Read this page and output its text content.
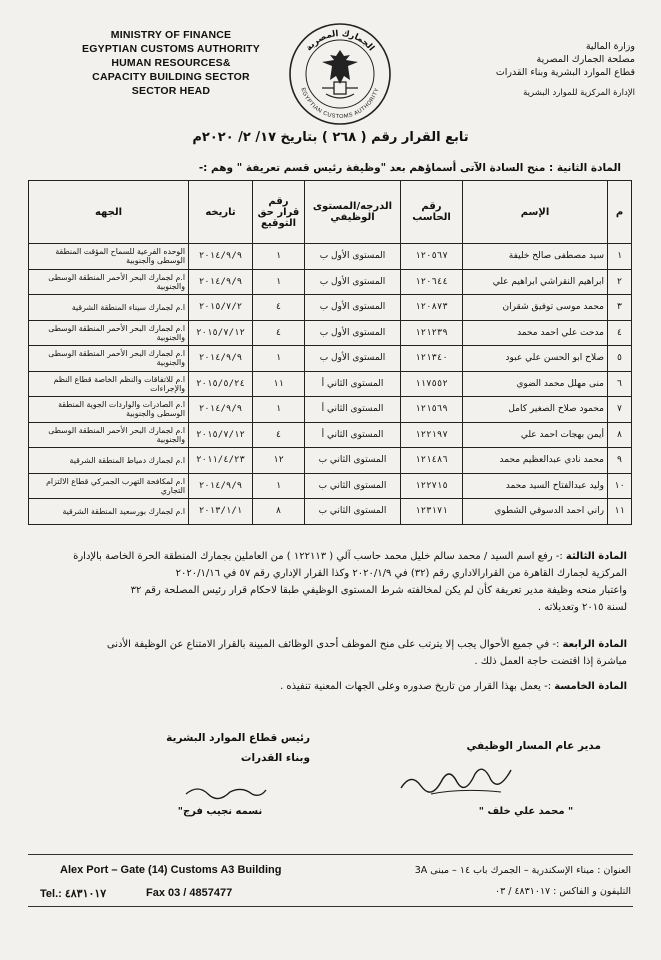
MINISTRY OF FINANCE
EGYPTIAN CUSTOMS AUTHORITY
HUMAN RESOURCES&
CAPACITY BUILDING SECTOR
SECTOR HEAD
الجمارك المصرية
EGYPTIAN CUSTOMS AUTHORITY
وزارة المالية
مصلحة الجمارك المصرية
قطاع الموارد البشرية وبناء القدرات
الإدارة المركزية للموارد البشرية
تابع القرار رقم ( ٢٦٨ ) بتاريخ ١٧/ ٢/ ٢٠٢٠م
المادة الثانية : منح السادة الآتى أسماؤهم بعد "وظيفة رئيس قسم تعريفة " وهم :-
م	الإسم	رقم الحاسب	الدرجه/المستوى الوظيفي	رقم قرار حق التوقيع	تاريخه	الجهه
١	سيد مصطفى صالح خليفة	١٢٠٥٦٧	المستوى الأول ب	١	٢٠١٤/٩/٩	الوحده الفرعية للسماح المؤقت المنطقة الوسطى والجنوبية
٢	ابراهيم النقراشي ابراهيم علي	١٢٠٦٤٤	المستوى الأول ب	١	٢٠١٤/٩/٩	ا.م لجمارك البحر الأحمر المنطقة الوسطى والجنوبية
٣	محمد موسى توفيق شقران	١٢٠٨٧٣	المستوى الأول ب	٤	٢٠١٥/٧/٢	ا.م لجمارك سيناء المنطقة الشرقية
٤	مدحت علي احمد محمد	١٢١٢٣٩	المستوى الأول ب	٤	٢٠١٥/٧/١٢	ا.م لجمارك البحر الأحمر المنطقة الوسطى والجنوبية
٥	صلاح ابو الحسن علي عبود	١٢١٣٤٠	المستوى الأول ب	١	٢٠١٤/٩/٩	ا.م لجمارك البحر الأحمر المنطقة الوسطى والجنوبية
٦	منى مهلل محمد الضوي	١١٧٥٥٢	المستوى الثاني أ	١١	٢٠١٥/٥/٢٤	ا.م للاتفاقات والنظم الخاصة قطاع النظم والإجراءات
٧	محمود صلاح الصغير كامل	١٢١٥٦٩	المستوى الثاني أ	١	٢٠١٤/٩/٩	ا.م الصادرات والواردات الجوية المنطقة الوسطى والجنوبية
٨	أيمن بهجات احمد علي	١٢٢١٩٧	المستوى الثاني أ	٤	٢٠١٥/٧/١٢	ا.م لجمارك البحر الأحمر المنطقة الوسطى والجنوبية
٩	محمد نادي عبدالعظيم محمد	١٢١٤٨٦	المستوى الثاني ب	١٢	٢٠١١/٤/٢٣	ا.م لجمارك دمياط المنطقة الشرقية
١٠	وليد عبدالفتاح السيد محمد	١٢٢٧١٥	المستوى الثاني ب	١	٢٠١٤/٩/٩	ا.م لمكافحة التهرب الجمركي قطاع الالتزام التجاري
١١	راني احمد الدسوقي الشطوي	١٢٣١٧١	المستوى الثاني ب	٨	٢٠١٣/١/١	ا.م لجمارك بورسعيد المنطقة الشرقية
المادة الثالثة :- رفع اسم السيد / محمد سالم خليل محمد حاسب آلي ( ١٢٢١١٣ ) من العاملين بجمارك المنطقة الحرة الخاصة بالإدارة
المركزية لجمارك القاهرة من القرارالاداري رقم (٣٢) في ٢٠٢٠/١/٩ وكذا القرار الإداري رقم ٥٧ في ٢٠٢٠/١/١٦
واعتبار منحه وظيفة مدير تعريفة كأن لم يكن لمخالفته شرط المستوى الوظيفي طبقا لاحكام قرار رئيس المصلحة رقم ٣٢
لسنة ٢٠١٥ وتعديلاته .
المادة الرابعة :- في جميع الأحوال يجب إلا يترتب على منح الموظف أحدى الوظائف المبينة بالقرار الامتناع عن الوظيفة الأدنى
مباشرة إذا اقتضت حاجة العمل ذلك .
المادة الخامسة :- يعمل بهذا القرار من تاريخ صدوره وعلى الجهات المعنية تنفيذه .
مدير عام المسار الوظيفي
" محمد علي خلف "
رئيس قطاع الموارد البشرية
وبناء القدرات
نسمه نجيب فرج"
Alex Port – Gate (14) Customs A3 Building
Tel.: ٤٨٣١٠١٧	Fax 03 / 4857477
العنوان : ميناء الإسكندرية – الجمرك باب ١٤ – مبنى 3A
التليفون و الفاكس : ٤٨٣١٠١٧ / ٠٣
